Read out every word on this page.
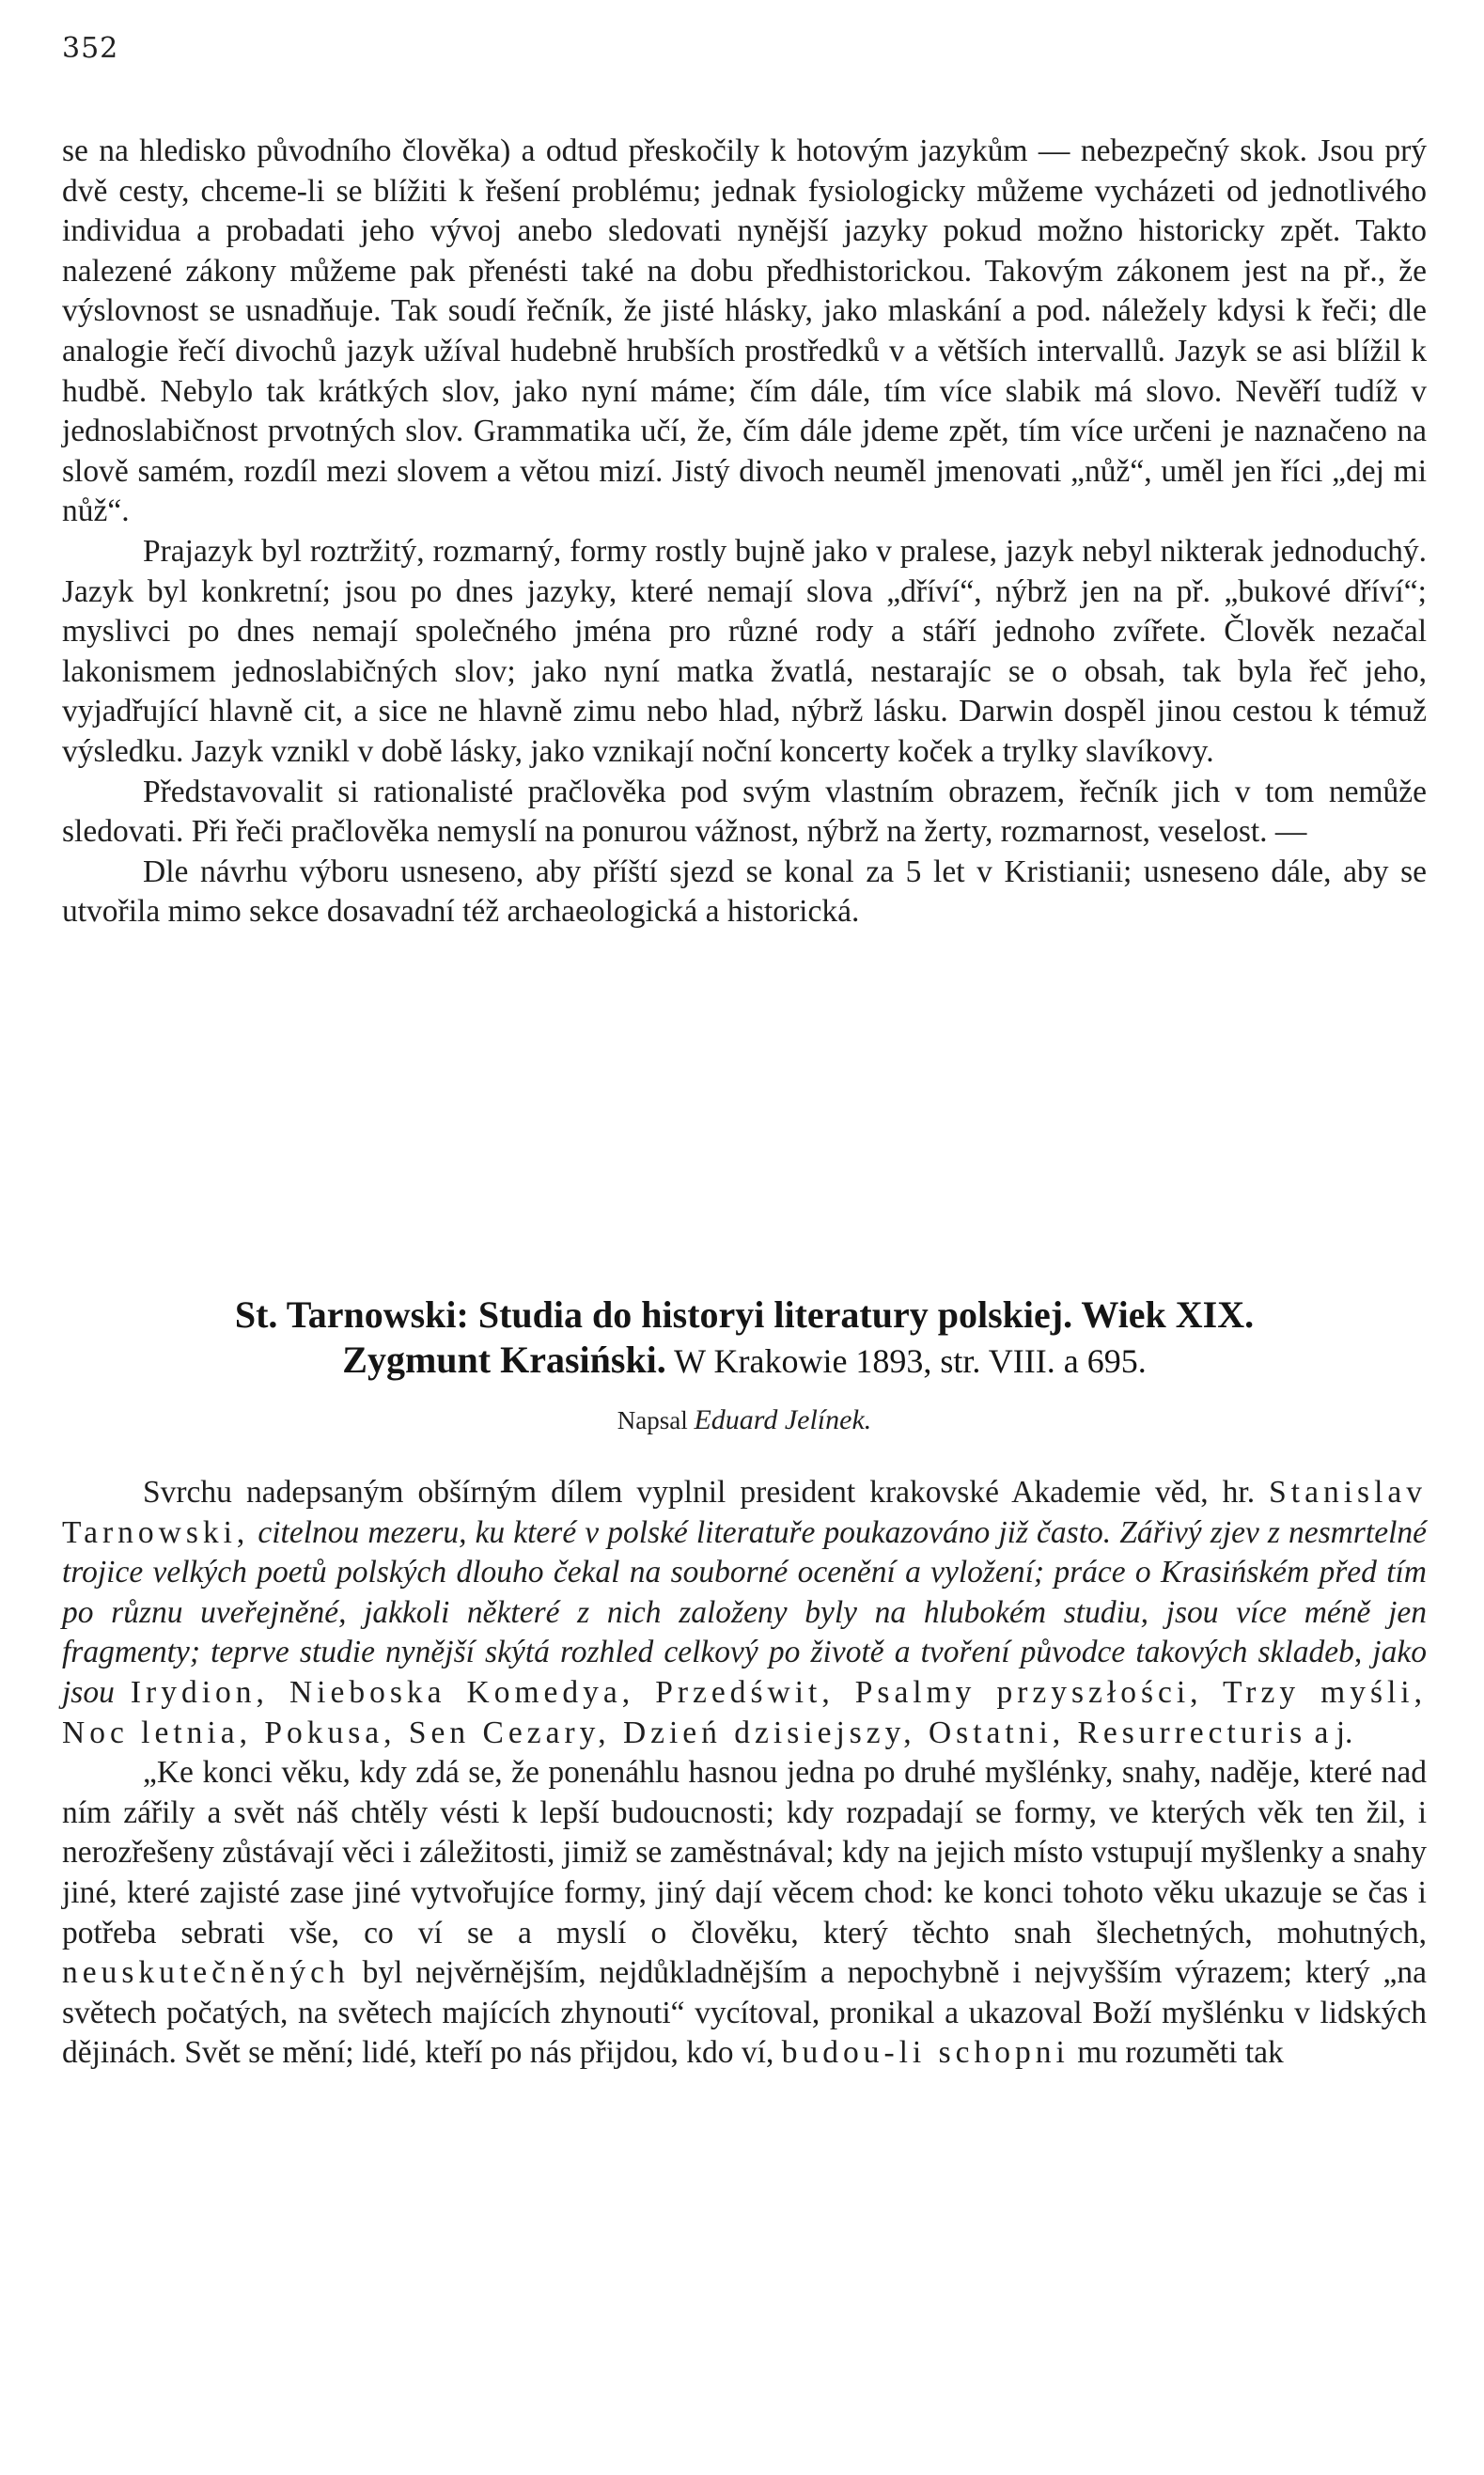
352

se na hledisko původního člověka) a odtud přeskočily k hotovým jazykům — nebezpečný skok. Jsou prý dvě cesty, chceme-li se blížiti k řešení problému; jednak fysiologicky můžeme vycházeti od jednotlivého individua a probadati jeho vývoj anebo sledovati nynější jazyky pokud možno historicky zpět. Takto nalezené zákony můžeme pak přenésti také na dobu předhistorickou. Takovým zákonem jest na př., že výslovnost se usnadňuje. Tak soudí řečník, že jisté hlásky, jako mlaskání a pod. náležely kdysi k řeči; dle analogie řečí divochů jazyk užíval hudebně hrubších prostředků v a větších intervallů. Jazyk se asi blížil k hudbě. Nebylo tak krátkých slov, jako nyní máme; čím dále, tím více slabik má slovo. Nevěří tudíž v jednoslabičnost prvotných slov. Grammatika učí, že, čím dále jdeme zpět, tím více určeni je naznačeno na slově samém, rozdíl mezi slovem a větou mizí. Jistý divoch neuměl jmenovati „nůž“, uměl jen říci „dej mi nůž“.

Prajazyk byl roztržitý, rozmarný, formy rostly bujně jako v pralese, jazyk nebyl nikterak jednoduchý. Jazyk byl konkretní; jsou po dnes jazyky, které nemají slova „dříví“, nýbrž jen na př. „bukové dříví“; myslivci po dnes nemají společného jména pro různé rody a stáří jednoho zvířete. Člověk nezačal lakonismem jednoslabičných slov; jako nyní matka žvatlá, nestarajíc se o obsah, tak byla řeč jeho, vyjadřující hlavně cit, a sice ne hlavně zimu nebo hlad, nýbrž lásku. Darwin dospěl jinou cestou k témuž výsledku. Jazyk vznikl v době lásky, jako vznikají noční koncerty koček a trylky slavíkovy.

Představovalit si rationalisté pračlověka pod svým vlastním obrazem, řečník jich v tom nemůže sledovati. Při řeči pračlověka nemyslí na ponurou vážnost, nýbrž na žerty, rozmarnost, veselost. —

Dle návrhu výboru usneseno, aby příští sjezd se konal za 5 let v Kristianii; usneseno dále, aby se utvořila mimo sekce dosavadní též archaeologická a historická.

St. Tarnowski: Studia do historyi literatury polskiej. Wiek XIX.
Zygmunt Krasiński. W Krakowie 1893, str. VIII. a 695.
Napsal Eduard Jelínek.

Svrchu nadepsaným obšírným dílem vyplnil president krakovské Akademie věd, hr. Stanislav Tarnowski, citelnou mezeru, ku které v polské literatuře poukazováno již často. Zářivý zjev z nesmrtelné trojice velkých poetů polských dlouho čekal na souborné ocenění a vyložení; práce o Krasińském před tím po různu uveřejněné, jakkoli některé z nich založeny byly na hlubokém studiu, jsou více méně jen fragmenty; teprve studie nynější skýtá rozhled celkový po životě a tvoření původce takových skladeb, jako jsou Irydion, Nieboska Komedya, Przedświt, Psalmy przyszłości, Trzy myśli, Noc letnia, Pokusa, Sen Cezary, Dzień dzisiejszy, Ostatni, Resurrecturis a j.

„Ke konci věku, kdy zdá se, že ponenáhlu hasnou jedna po druhé myšlénky, snahy, naděje, které nad ním zářily a svět náš chtěly vésti k lepší budoucnosti; kdy rozpadají se formy, ve kterých věk ten žil, i nerozřešeny zůstávají věci i záležitosti, jimiž se zaměstnával; kdy na jejich místo vstupují myšlenky a snahy jiné, které zajisté zase jiné vytvořujíce formy, jiný dají věcem chod: ke konci tohoto věku ukazuje se čas i potřeba sebrati vše, co ví se a myslí o člověku, který těchto snah šlechetných, mohutných, neuskutečněných byl nejvěrnějším, nejdůkladnějším a nepochybně i nejvyšším výrazem; který „na světech počatých, na světech majících zhynouti“ vycítoval, pronikal a ukazoval Boží myšlénku v lidských dějinách. Svět se mění; lidé, kteří po nás přijdou, kdo ví, budou-li schopni mu rozuměti tak
